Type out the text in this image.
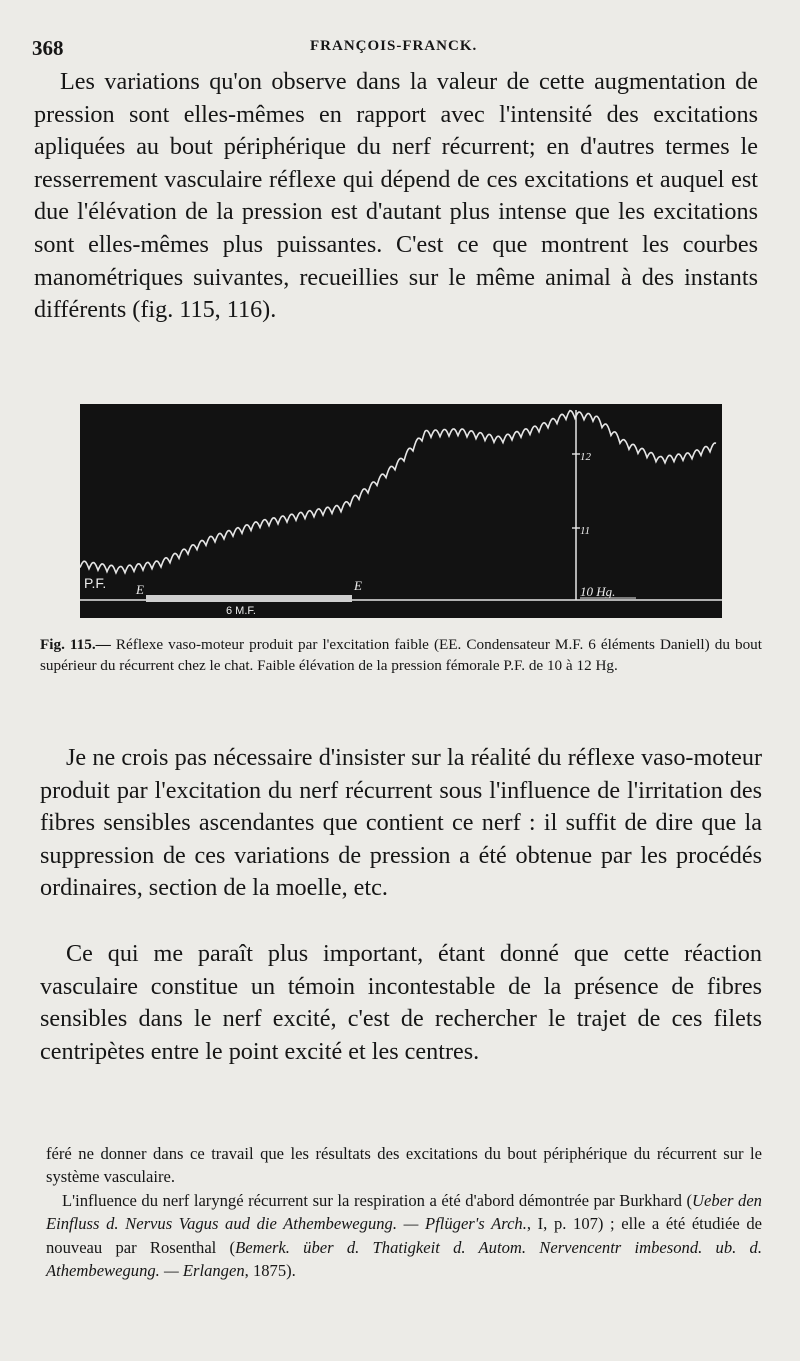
368	FRANÇOIS-FRANCK.

Les variations qu'on observe dans la valeur de cette augmentation de pression sont elles-mêmes en rapport avec l'intensité des excitations apliquées au bout périphérique du nerf récurrent; en d'autres termes le resserrement vasculaire réflexe qui dépend de ces excitations et auquel est due l'élévation de la pression est d'autant plus intense que les excitations sont elles-mêmes plus puissantes. C'est ce que montrent les courbes manométriques suivantes, recueillies sur le même animal à des instants différents (fig. 115, 116).

P.F. E	E
6 M.F.
12
11
10 Hg.

Fig. 115.— Réflexe vaso-moteur produit par l'excitation faible (EE. Condensateur M.F. 6 éléments Daniell) du bout supérieur du récurrent chez le chat. Faible élévation de la pression fémorale P.F. de 10 à 12 Hg.

Je ne crois pas nécessaire d'insister sur la réalité du réflexe vaso-moteur produit par l'excitation du nerf récurrent sous l'influence de l'irritation des fibres sensibles ascendantes que contient ce nerf : il suffit de dire que la suppression de ces variations de pression a été obtenue par les procédés ordinaires, section de la moelle, etc.

Ce qui me paraît plus important, étant donné que cette réaction vasculaire constitue un témoin incontestable de la présence de fibres sensibles dans le nerf excité, c'est de rechercher le trajet de ces filets centripètes entre le point excité et les centres.

féré ne donner dans ce travail que les résultats des excitations du bout périphérique du récurrent sur le système vasculaire.

L'influence du nerf laryngé récurrent sur la respiration a été d'abord démontrée par Burkhard (Ueber den Einfluss d. Nervus Vagus aud die Athembewegung. — Pflüger's Arch., I, p. 107) ; elle a été étudiée de nouveau par Rosenthal (Bemerk. über d. Thatigkeit d. Autom. Nervencentr imbesond. ub. d. Athembewegung. — Erlangen, 1875).
